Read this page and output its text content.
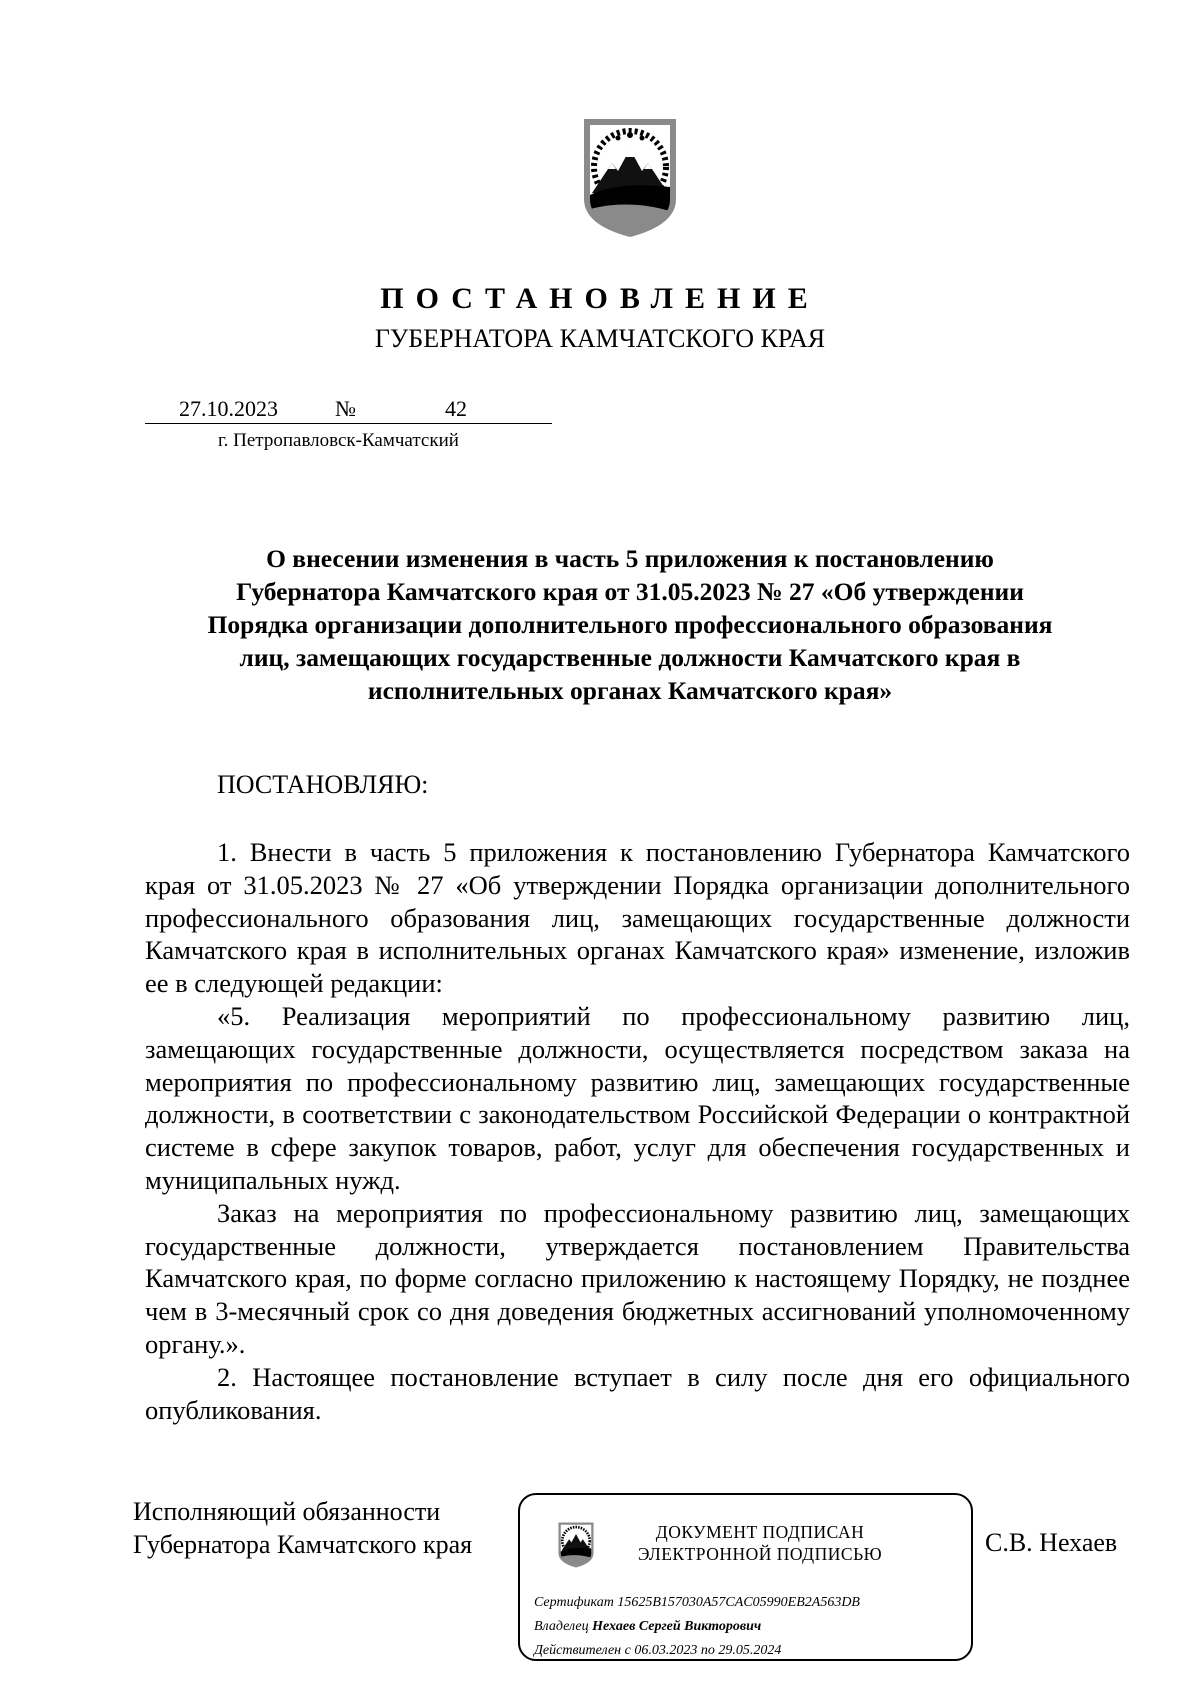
ПОСТАНОВЛЕНИЕ
ГУБЕРНАТОРА КАМЧАТСКОГО КРАЯ
27.10.2023	№	42
г. Петропавловск-Камчатский
О внесении изменения в часть 5 приложения к постановлению
Губернатора Камчатского края от 31.05.2023 № 27 «Об утверждении
Порядка организации дополнительного профессионального образования
лиц, замещающих государственные должности Камчатского края в
исполнительных органах Камчатского края»
ПОСТАНОВЛЯЮ:

1. Внести в часть 5 приложения к постановлению Губернатора Камчатского края от 31.05.2023 № 27 «Об утверждении Порядка организации дополнительного профессионального образования лиц, замещающих государственные должности Камчатского края в исполнительных органах Камчатского края» изменение, изложив ее в следующей редакции:

«5. Реализация мероприятий по профессиональному развитию лиц, замещающих государственные должности, осуществляется посредством заказа на мероприятия по профессиональному развитию лиц, замещающих государственные должности, в соответствии с законодательством Российской Федерации о контрактной системе в сфере закупок товаров, работ, услуг для обеспечения государственных и муниципальных нужд.

Заказ на мероприятия по профессиональному развитию лиц, замещающих государственные должности, утверждается постановлением Правительства Камчатского края, по форме согласно приложению к настоящему Порядку, не позднее чем в 3-месячный срок со дня доведения бюджетных ассигнований уполномоченному органу.».

2. Настоящее постановление вступает в силу после дня его официального опубликования.

Исполняющий обязанности
Губернатора Камчатского края	ДОКУМЕНТ ПОДПИСАН
ЭЛЕКТРОННОЙ ПОДПИСЬЮ
Сертификат 15625B157030A57CAC05990EB2A563DB
Владелец Нехаев Сергей Викторович
Действителен с 06.03.2023 по 29.05.2024
С.В. Нехаев
